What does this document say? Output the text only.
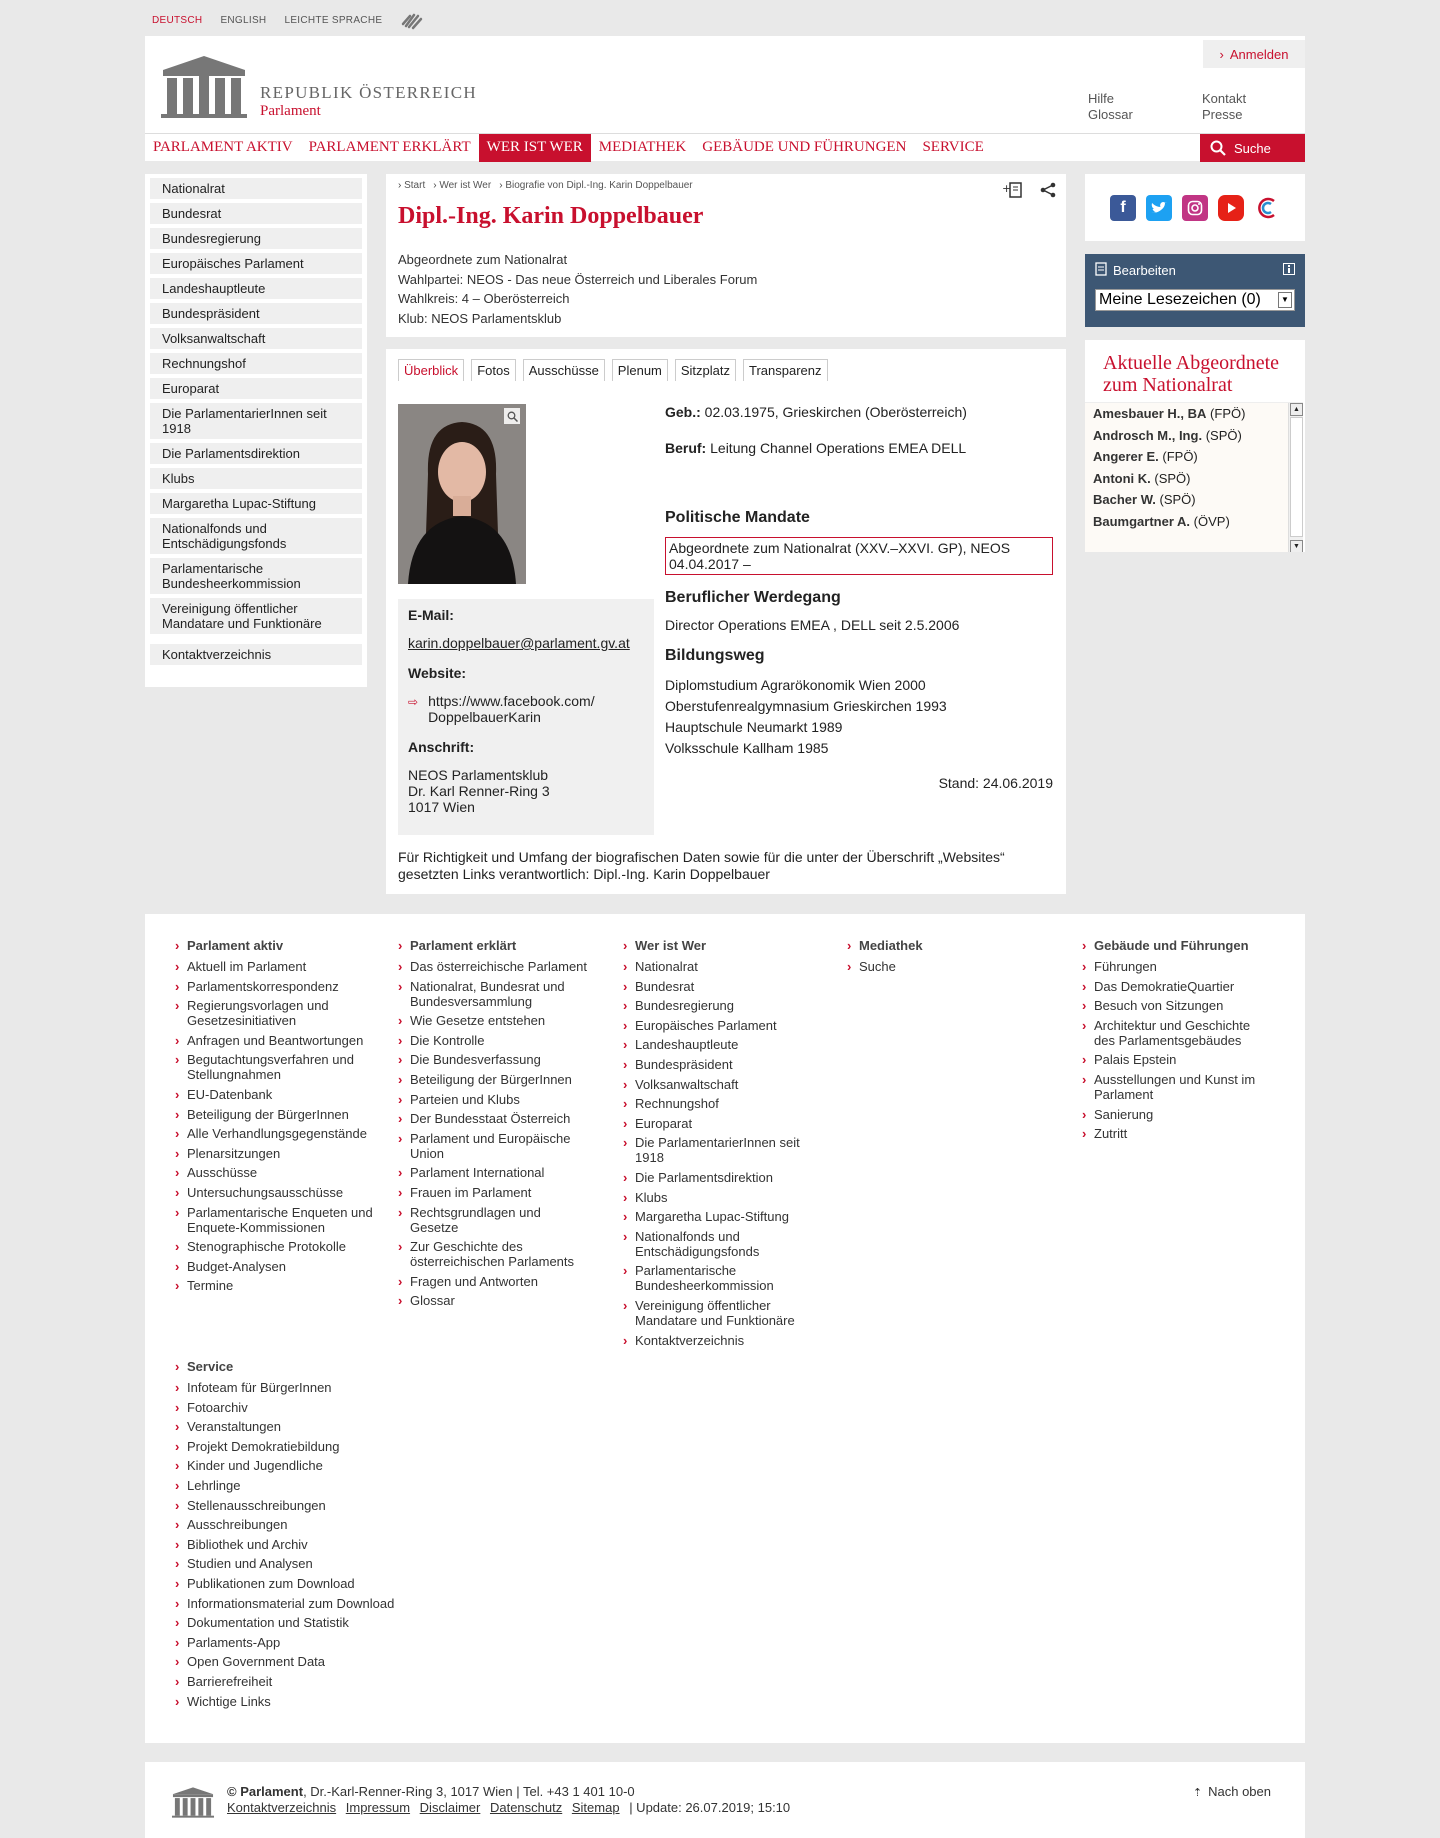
DEUTSCH ENGLISH LEICHTE SPRACHE
REPUBLIK ÖSTERREICH
Parlament
› Anmelden
Hilfe
Glossar
Kontakt
Presse
PARLAMENT AKTIV	PARLAMENT ERKLÄRT	WER IST WER	MEDIATHEK	GEBÄUDE UND FÜHRUNGEN	SERVICE	Suche
Nationalrat
Bundesrat
Bundesregierung
Europäisches Parlament
Landeshauptleute
Bundespräsident
Volksanwaltschaft
Rechnungshof
Europarat
Die ParlamentarierInnen seit 1918
Die Parlamentsdirektion
Klubs
Margaretha Lupac-Stiftung
Nationalfonds und Entschädigungsfonds
Parlamentarische Bundesheerkommission
Vereinigung öffentlicher Mandatare und Funktionäre
Kontaktverzeichnis
› Start	› Wer ist Wer	› Biografie von Dipl.-Ing. Karin Doppelbauer	+
Dipl.-Ing. Karin Doppelbauer
Abgeordnete zum Nationalrat
Wahlpartei: NEOS - Das neue Österreich und Liberales Forum
Wahlkreis: 4 – Oberösterreich
Klub: NEOS Parlamentsklub
Überblick	Fotos	Ausschüsse	Plenum	Sitzplatz	Transparenz
E-Mail:
karin.doppelbauer@parlament.gv.at
Website:
⇨ https://www.facebook.com/ DoppelbauerKarin
Anschrift:
NEOS Parlamentsklub
Dr. Karl Renner-Ring 3
1017 Wien
Geb.: 02.03.1975, Grieskirchen (Oberösterreich)
Beruf: Leitung Channel Operations EMEA DELL
Politische Mandate
Abgeordnete zum Nationalrat (XXV.–XXVI. GP), NEOS 04.04.2017 –
Beruflicher Werdegang
Director Operations EMEA , DELL seit 2.5.2006
Bildungsweg
Diplomstudium Agrarökonomik Wien 2000
Oberstufenrealgymnasium Grieskirchen 1993
Hauptschule Neumarkt 1989
Volksschule Kallham 1985
Stand: 24.06.2019
Für Richtigkeit und Umfang der biografischen Daten sowie für die unter der Überschrift „Websites“ gesetzten Links verantwortlich: Dipl.-Ing. Karin Doppelbauer
f
Bearbeiten
Meine Lesezeichen (0)	▼
Aktuelle Abgeordnete zum Nationalrat
Amesbauer H., BA (FPÖ)
Androsch M., Ing. (SPÖ)
Angerer E. (FPÖ)
Antoni K. (SPÖ)
Bacher W. (SPÖ)
Baumgartner A. (ÖVP)
▲
▼
› Parlament aktiv
› Aktuell im Parlament
› Parlamentskorrespondenz
› Regierungsvorlagen und Gesetzesinitiativen
› Anfragen und Beantwortungen
› Begutachtungsverfahren und Stellungnahmen
› EU-Datenbank
› Beteiligung der BürgerInnen
› Alle Verhandlungsgegenstände
› Plenarsitzungen
› Ausschüsse
› Untersuchungsausschüsse
› Parlamentarische Enqueten und Enquete-Kommissionen
› Stenographische Protokolle
› Budget-Analysen
› Termine
› Parlament erklärt
› Das österreichische Parlament
› Nationalrat, Bundesrat und Bundesversammlung
› Wie Gesetze entstehen
› Die Kontrolle
› Die Bundesverfassung
› Beteiligung der BürgerInnen
› Parteien und Klubs
› Der Bundesstaat Österreich
› Parlament und Europäische Union
› Parlament International
› Frauen im Parlament
› Rechtsgrundlagen und Gesetze
› Zur Geschichte des österreichischen Parlaments
› Fragen und Antworten
› Glossar
› Wer ist Wer
› Nationalrat
› Bundesrat
› Bundesregierung
› Europäisches Parlament
› Landeshauptleute
› Bundespräsident
› Volksanwaltschaft
› Rechnungshof
› Europarat
› Die ParlamentarierInnen seit 1918
› Die Parlamentsdirektion
› Klubs
› Margaretha Lupac-Stiftung
› Nationalfonds und Entschädigungsfonds
› Parlamentarische Bundesheerkommission
› Vereinigung öffentlicher Mandatare und Funktionäre
› Kontaktverzeichnis
› Mediathek
› Suche
› Gebäude und Führungen
› Führungen
› Das DemokratieQuartier
› Besuch von Sitzungen
› Architektur und Geschichte des Parlamentsgebäudes
› Palais Epstein
› Ausstellungen und Kunst im Parlament
› Sanierung
› Zutritt
› Service
› Infoteam für BürgerInnen
› Fotoarchiv
› Veranstaltungen
› Projekt Demokratiebildung
› Kinder und Jugendliche
› Lehrlinge
› Stellenausschreibungen
› Ausschreibungen
› Bibliothek und Archiv
› Studien und Analysen
› Publikationen zum Download
› Informationsmaterial zum Download
› Dokumentation und Statistik
› Parlaments-App
› Open Government Data
› Barrierefreiheit
› Wichtige Links
© Parlament, Dr.-Karl-Renner-Ring 3, 1017 Wien | Tel. +43 1 401 10-0
Kontaktverzeichnis Impressum Disclaimer Datenschutz Sitemap | Update: 26.07.2019; 15:10
⇡ Nach oben
